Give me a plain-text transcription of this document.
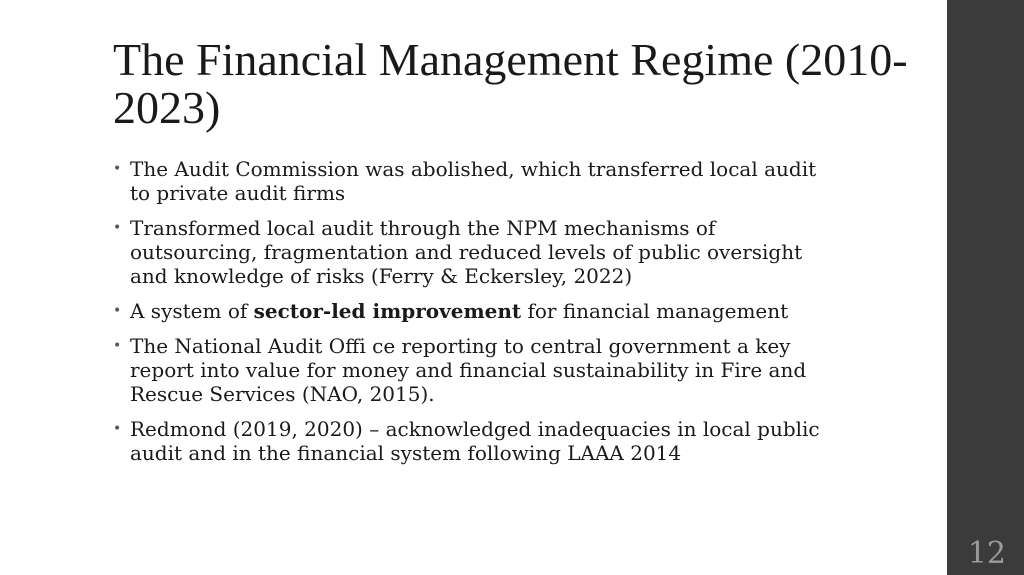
The Financial Management Regime (2010-2023)
• The Audit Commission was abolished, which transferred local audit to private audit firms
• Transformed local audit through the NPM mechanisms of outsourcing, fragmentation and reduced levels of public oversight and knowledge of risks (Ferry & Eckersley, 2022)
• A system of sector-led improvement for financial management
• The National Audit Offi ce reporting to central government a key report into value for money and financial sustainability in Fire and Rescue Services (NAO, 2015).
• Redmond (2019, 2020) – acknowledged inadequacies in local public audit and in the financial system following LAAA 2014
12
